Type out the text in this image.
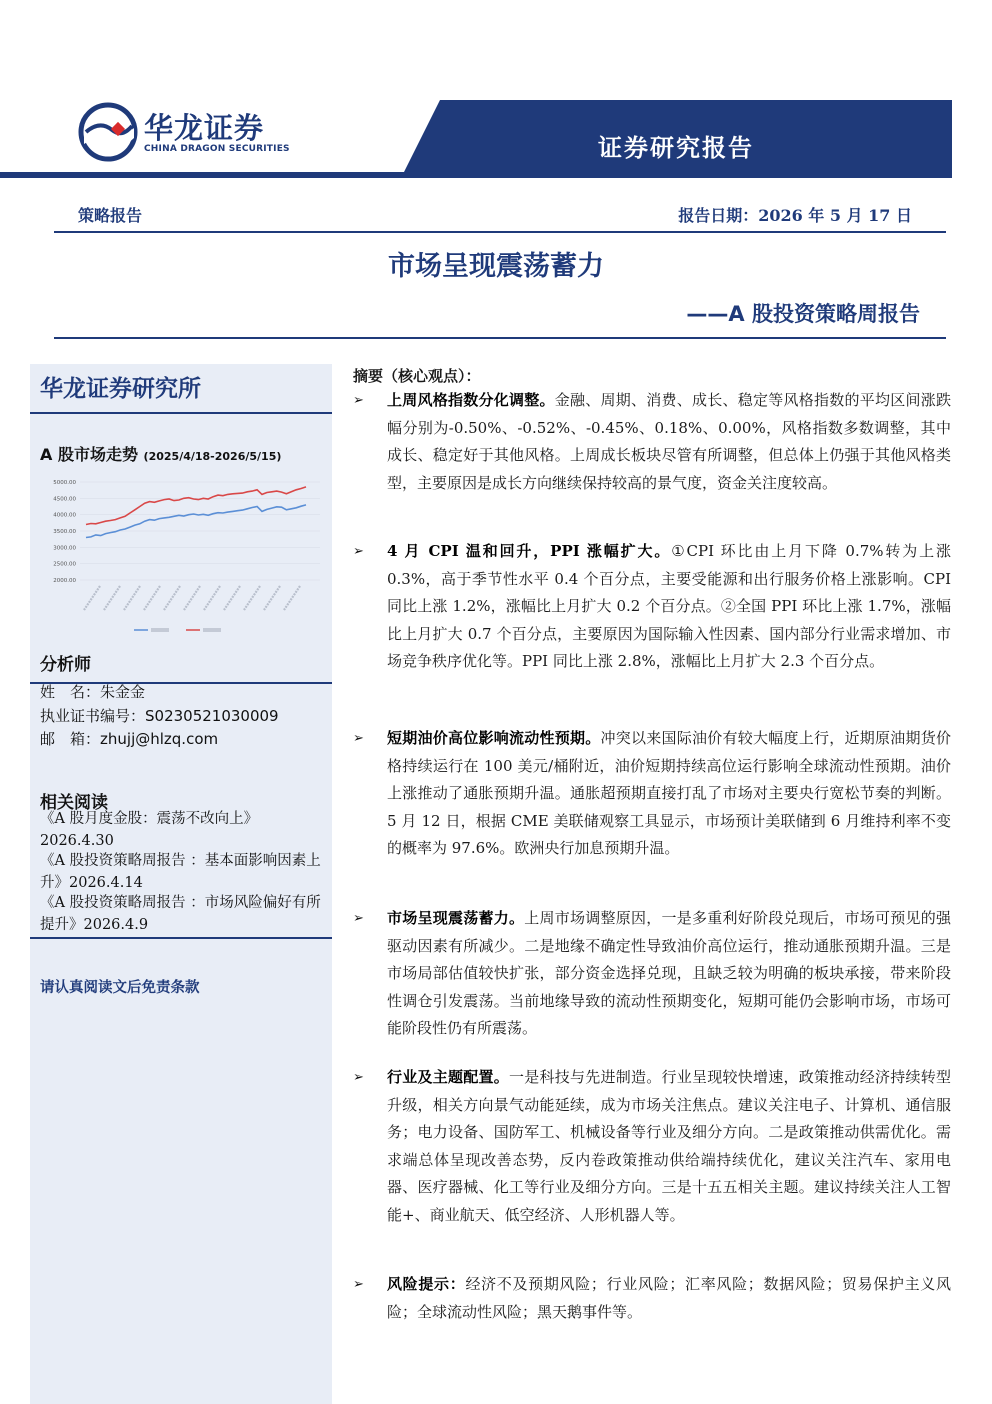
华龙证券
CHINA DRAGON SECURITIES	证券研究报告
策略报告	报告日期：2026 年 5 月 17 日
市场呈现震荡蓄力
——A 股投资策略周报告
华龙证券研究所
A 股市场走势 (2025/4/18-2026/5/15)
5000.00
4500.00
4000.00
3500.00
3000.00
2500.00
2000.00
分析师
姓　名：朱金金
执业证书编号：S0230521030009
邮　箱：zhujj@hlzq.com
相关阅读
《A 股月度金股：震荡不改向上》2026.4.30
《A 股投资策略周报告 ：基本面影响因素上升》2026.4.14
《A 股投资策略周报告 ：市场风险偏好有所提升》2026.4.9
请认真阅读文后免责条款
摘要（核心观点）：
➢ 上周风格指数分化调整。金融、周期、消费、成长、稳定等风格指数的平均区间涨跌幅分别为-0.50%、-0.52%、-0.45%、0.18%、0.00%，风格指数多数调整，其中成长、稳定好于其他风格。上周成长板块尽管有所调整，但总体上仍强于其他风格类型，主要原因是成长方向继续保持较高的景气度，资金关注度较高。
➢ 4 月 CPI 温和回升，PPI 涨幅扩大。①CPI 环比由上月下降 0.7%转为上涨 0.3%，高于季节性水平 0.4 个百分点，主要受能源和出行服务价格上涨影响。CPI 同比上涨 1.2%，涨幅比上月扩大 0.2 个百分点。②全国 PPI 环比上涨 1.7%，涨幅比上月扩大 0.7 个百分点，主要原因为国际输入性因素、国内部分行业需求增加、市场竞争秩序优化等。PPI 同比上涨 2.8%，涨幅比上月扩大 2.3 个百分点。
➢ 短期油价高位影响流动性预期。冲突以来国际油价有较大幅度上行，近期原油期货价格持续运行在 100 美元/桶附近，油价短期持续高位运行影响全球流动性预期。油价上涨推动了通胀预期升温。通胀超预期直接打乱了市场对主要央行宽松节奏的判断。5 月 12 日，根据 CME 美联储观察工具显示，市场预计美联储到 6 月维持利率不变的概率为 97.6%。欧洲央行加息预期升温。
➢ 市场呈现震荡蓄力。上周市场调整原因，一是多重利好阶段兑现后，市场可预见的强驱动因素有所减少。二是地缘不确定性导致油价高位运行，推动通胀预期升温。三是市场局部估值较快扩张，部分资金选择兑现，且缺乏较为明确的板块承接，带来阶段性调仓引发震荡。当前地缘导致的流动性预期变化，短期可能仍会影响市场，市场可能阶段性仍有所震荡。
➢ 行业及主题配置。一是科技与先进制造。行业呈现较快增速，政策推动经济持续转型升级，相关方向景气动能延续，成为市场关注焦点。建议关注电子、计算机、通信服务；电力设备、国防军工、机械设备等行业及细分方向。二是政策推动供需优化。需求端总体呈现改善态势，反内卷政策推动供给端持续优化，建议关注汽车、家用电器、医疗器械、化工等行业及细分方向。三是十五五相关主题。建议持续关注人工智能+、商业航天、低空经济、人形机器人等。
➢ 风险提示：经济不及预期风险；行业风险；汇率风险；数据风险；贸易保护主义风险；全球流动性风险；黑天鹅事件等。
